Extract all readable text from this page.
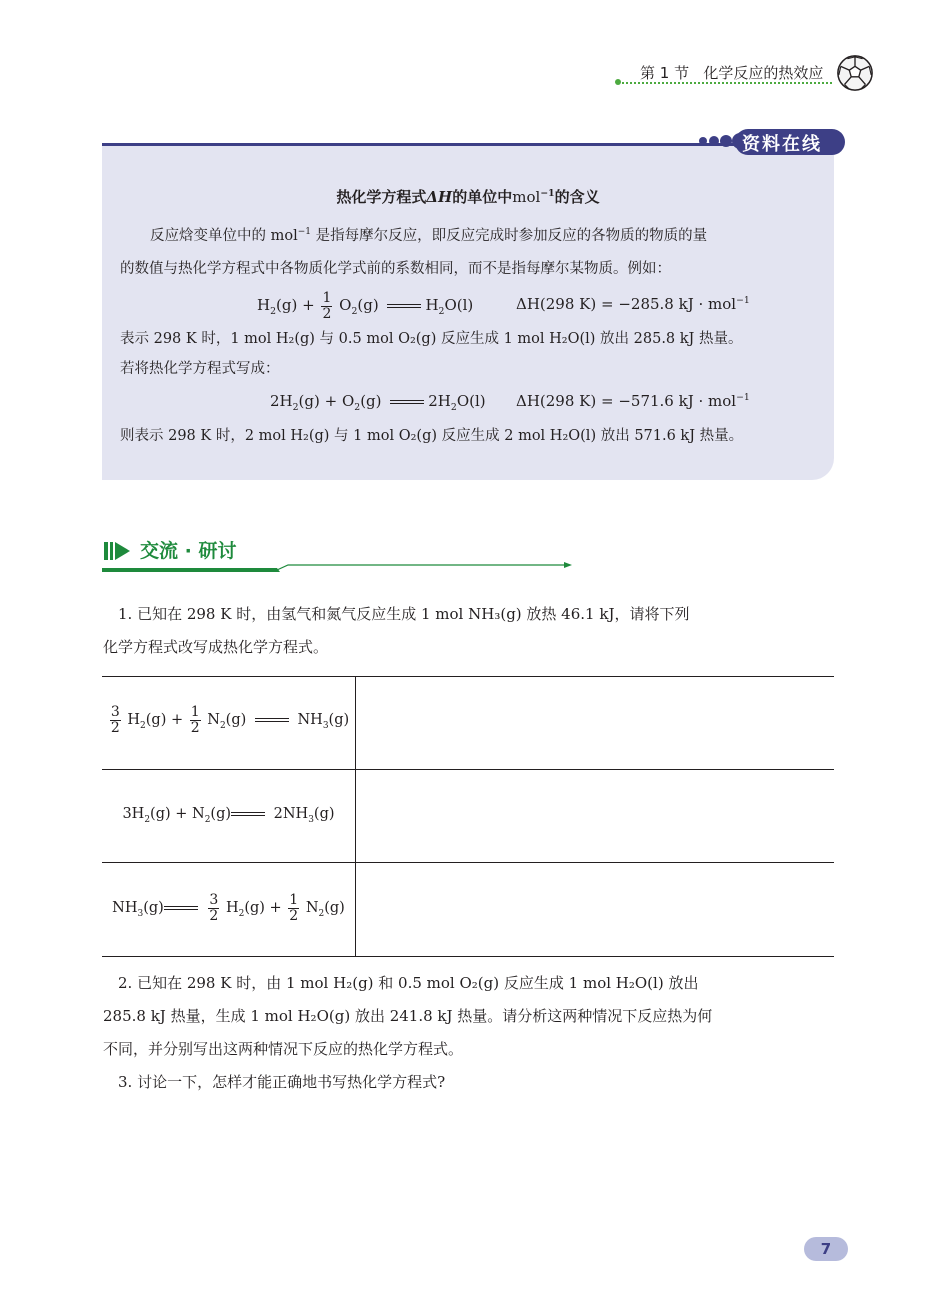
第 1 节 化学反应的热效应
资料在线
热化学方程式ΔH的单位中mol$^{-1}$的含义
反应焓变单位中的 mol$^{-1}$ 是指每摩尔反应，即反应完成时参加反应的各物质的物质的量
的数值与热化学方程式中各物质化学式前的系数相同，而不是指每摩尔某物质。例如：
$H_2(g) + \frac{1}{2} O_2(g)$	$H_2O(l)$	ΔH(298 K) = −285.8 kJ · mol$^{-1}$
表示 298 K 时，1 mol H₂(g) 与 0.5 mol O₂(g) 反应生成 1 mol H₂O(l) 放出 285.8 kJ 热量。
若将热化学方程式写成：
$2H_2(g) + O_2(g)$	$2H_2O(l)$ ΔH(298 K) = −571.6 kJ · mol$^{-1}$
则表示 298 K 时，2 mol H₂(g) 与 1 mol O₂(g) 反应生成 2 mol H₂O(l) 放出 571.6 kJ 热量。
交流 · 研讨
1. 已知在 298 K 时，由氢气和氮气反应生成 1 mol NH₃(g) 放热 46.1 kJ，请将下列
化学方程式改写成热化学方程式。
$\frac{3}{2} H_2(g) + \frac{1}{2} N_2(g)$	$NH_3(g)$
$3H_2(g) + N_2(g)$	$2NH_3(g)$
$NH_3(g)$	$\frac{3}{2} H_2(g) + \frac{1}{2} N_2(g)$
2. 已知在 298 K 时，由 1 mol H₂(g) 和 0.5 mol O₂(g) 反应生成 1 mol H₂O(l) 放出
285.8 kJ 热量，生成 1 mol H₂O(g) 放出 241.8 kJ 热量。请分析这两种情况下反应热为何
不同，并分别写出这两种情况下反应的热化学方程式。
3. 讨论一下，怎样才能正确地书写热化学方程式?
7
